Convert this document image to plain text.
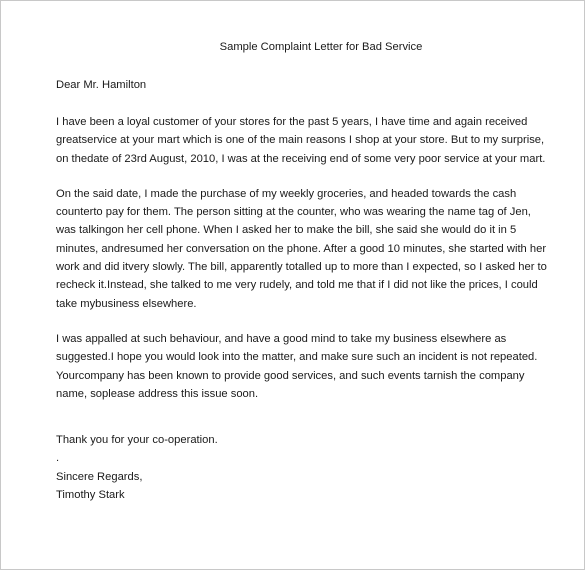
Sample Complaint Letter for Bad Service
Dear Mr. Hamilton
I have been a loyal customer of your stores for the past 5 years, I have time and again received
greatservice at your mart which is one of the main reasons I shop at your store. But to my surprise,
on thedate of 23rd August, 2010, I was at the receiving end of some very poor service at your mart.
On the said date, I made the purchase of my weekly groceries, and headed towards the cash
counterto pay for them. The person sitting at the counter, who was wearing the name tag of Jen,
was talkingon her cell phone. When I asked her to make the bill, she said she would do it in 5
minutes, andresumed her conversation on the phone. After a good 10 minutes, she started with her
work and did itvery slowly. The bill, apparently totalled up to more than I expected, so I asked her to
recheck it.Instead, she talked to me very rudely, and told me that if I did not like the prices, I could
take mybusiness elsewhere.
I was appalled at such behaviour, and have a good mind to take my business elsewhere as
suggested.I hope you would look into the matter, and make sure such an incident is not repeated.
Yourcompany has been known to provide good services, and such events tarnish the company
name, soplease address this issue soon.
Thank you for your co-operation.
.
Sincere Regards,
Timothy Stark
